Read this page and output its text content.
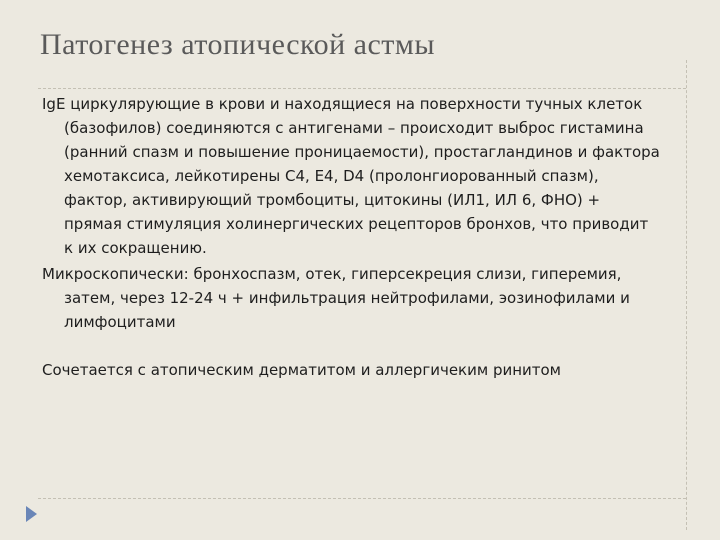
Патогенез атопической астмы

IgE циркулярующие в крови и находящиеся на поверхности тучных клеток (базофилов) соединяются с антигенами – происходит выброс гистамина (ранний спазм и повышение проницаемости), простагландинов и фактора хемотаксиса, лейкотирены С4, Е4, D4 (пролонгиорованный спазм), фактор, активирующий тромбоциты, цитокины (ИЛ1, ИЛ 6, ФНО) + прямая стимуляция холинергических рецепторов бронхов, что приводит к их сокращению.

Микроскопически: бронхоспазм, отек, гиперсекреция слизи, гиперемия, затем, через 12-24 ч + инфильтрация нейтрофилами, эозинофилами и лимфоцитами

Сочетается с атопическим дерматитом и аллергичеким ринитом
